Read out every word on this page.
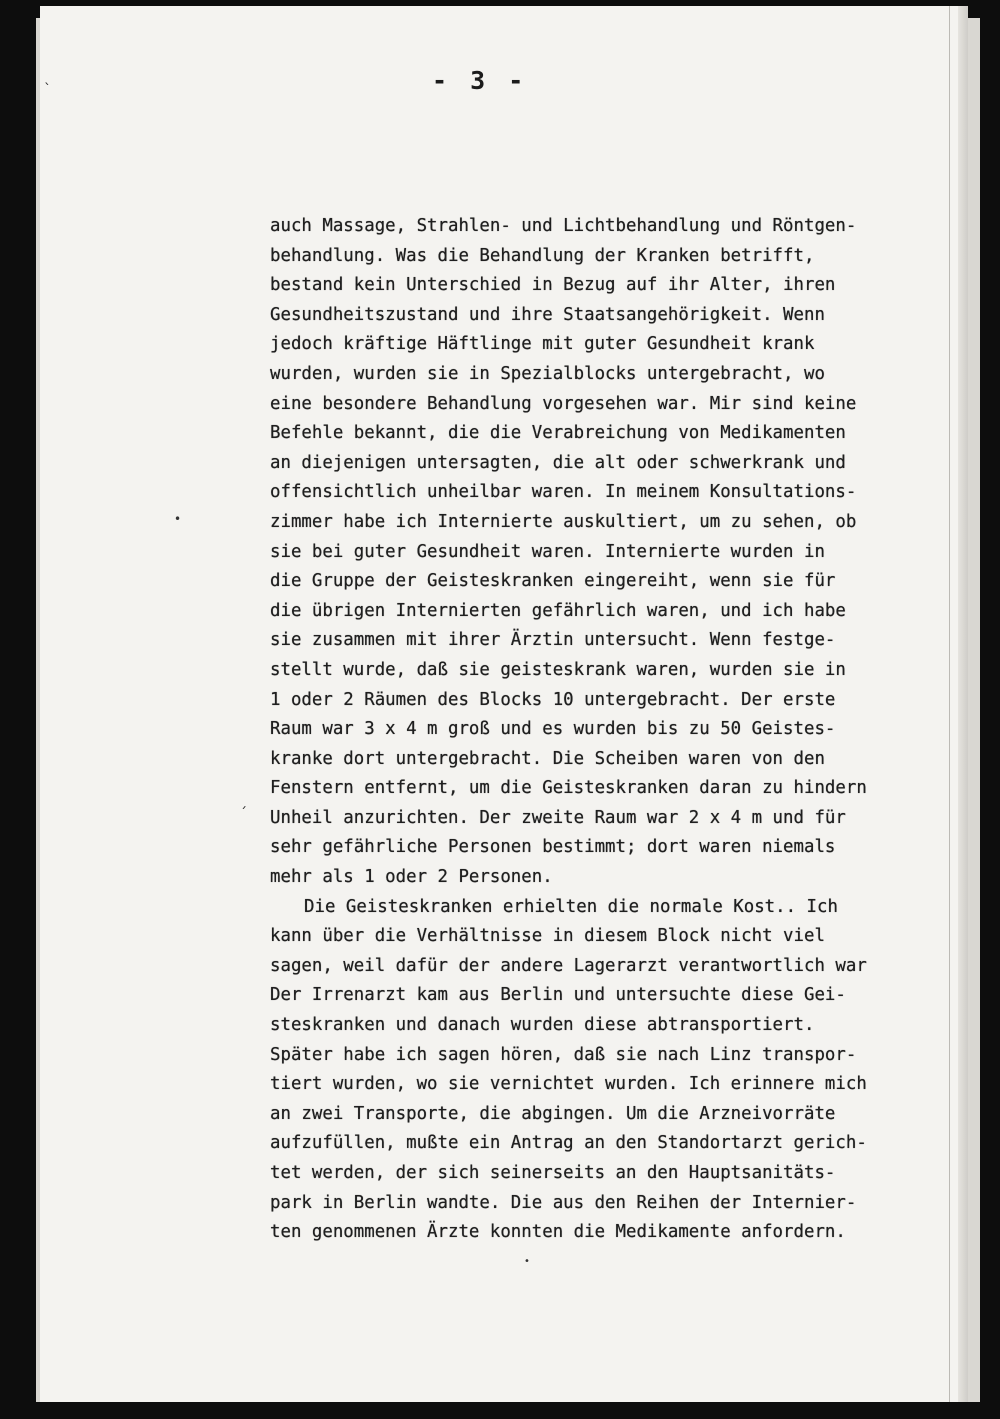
`
•
ˊ
- 3 -
auch Massage, Strahlen- und Lichtbehandlung und Röntgen-
behandlung. Was die Behandlung der Kranken betrifft,
bestand kein Unterschied in Bezug auf ihr Alter, ihren
Gesundheitszustand und ihre Staatsangehörigkeit. Wenn
jedoch kräftige Häftlinge mit guter Gesundheit krank
wurden, wurden sie in Spezialblocks untergebracht, wo
eine besondere Behandlung vorgesehen war. Mir sind keine
Befehle bekannt, die die Verabreichung von Medikamenten
an diejenigen untersagten, die alt oder schwerkrank und
offensichtlich unheilbar waren. In meinem Konsultations-
zimmer habe ich Internierte auskultiert, um zu sehen, ob
sie bei guter Gesundheit waren. Internierte wurden in
die Gruppe der Geisteskranken eingereiht, wenn sie für
die übrigen Internierten gefährlich waren, und ich habe
sie zusammen mit ihrer Ärztin untersucht. Wenn festge-
stellt wurde, daß sie geisteskrank waren, wurden sie in
1 oder 2 Räumen des Blocks 10 untergebracht. Der erste
Raum war 3 x 4 m groß und es wurden bis zu 50 Geistes-
kranke dort untergebracht. Die Scheiben waren von den
Fenstern entfernt, um die Geisteskranken daran zu hindern
Unheil anzurichten. Der zweite Raum war 2 x 4 m und für
sehr gefährliche Personen bestimmt; dort waren niemals
mehr als 1 oder 2 Personen.
Die Geisteskranken erhielten die normale Kost.. Ich
kann über die Verhältnisse in diesem Block nicht viel
sagen, weil dafür der andere Lagerarzt verantwortlich war
Der Irrenarzt kam aus Berlin und untersuchte diese Gei-
steskranken und danach wurden diese abtransportiert.
Später habe ich sagen hören, daß sie nach Linz transpor-
tiert wurden, wo sie vernichtet wurden. Ich erinnere mich
an zwei Transporte, die abgingen. Um die Arzneivorräte
aufzufüllen, mußte ein Antrag an den Standortarzt gerich-
tet werden, der sich seinerseits an den Hauptsanitäts-
park in Berlin wandte. Die aus den Reihen der Internier-
ten genommenen Ärzte konnten die Medikamente anfordern.
•
